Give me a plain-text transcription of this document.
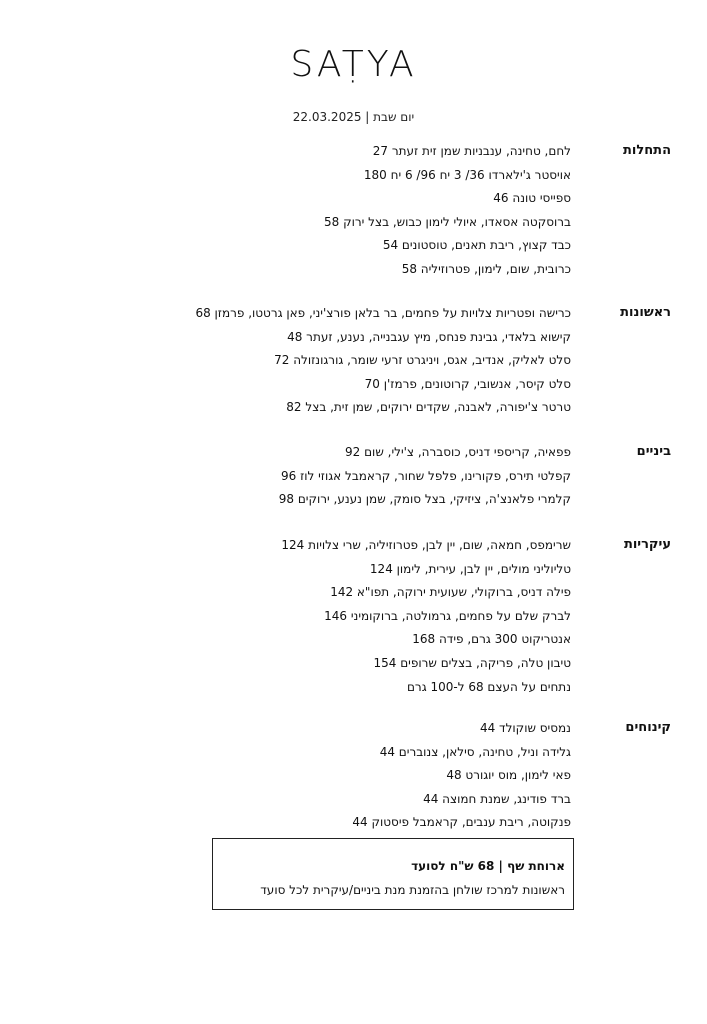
SAṬYA
יום שבת | 22.03.2025
התחלות
לחם, טחינה, ענבניות שמן זית זעתר 27
אויסטר ג'ילארדו 36/ 3 יח 96/ 6 יח 180
ספייסי טונה 46
ברוסקטה אסאדו, איולי לימון כבוש, בצל ירוק 58
כבד קצוץ, ריבת תאנים, טוסטונים 54
כרובית, שום, לימון, פטרוזיליה 58
ראשונות
כרישה ופטריות צלויות על פחמים, בר בלאן פורצ'יני, פאן גרטטו, פרמזן 68
קישוא בלאדי, גבינת פנחס, מיץ עגבנייה, נענע, זעתר 48
סלט לאליק, אנדיב, אגס, ויניגרט זרעי שומר, גורגונזולה 72
סלט קיסר, אנשובי, קרוטונים, פרמז'ן 70
טרטר צ'יפורה, לאבנה, שקדים ירוקים, שמן זית, בצל 82
ביניים
פפאיה, קריספי דניס, כוסברה, צ'ילי, שום 92
קפלטי תירס, פקורינו, פלפל שחור, קראמבל אגוזי לוז 96
קלמרי פלאנצ'ה, ציזיקי, בצל סומק, שמן נענע, ירוקים 98
עיקריות
שרימפס, חמאה, שום, יין לבן, פטרוזיליה, שרי צלויות 124
טליוליני מולים, יין לבן, עירית, לימון 124
פילה דניס, ברוקולי, שעועית ירוקה, תפו"א 142
לברק שלם על פחמים, גרמולטה, ברוקומיני 146
אנטריקוט 300 גרם, פידה 168
טיבון טלה, פריקה, בצלים שרופים 154
נתחים על העצם 68 ל-100 גרם
קינוחים
נמסיס שוקולד 44
גלידה וניל, טחינה, סילאן, צנוברים 44
פאי לימון, מוס יוגורט 48
ברד פודינג, שמנת חמוצה 44
פנקוטה, ריבת ענבים, קראמבל פיסטוק 44
ארוחת שף | 68 ש"ח לסועד
ראשונות למרכז שולחן בהזמנת מנת ביניים/עיקרית לכל סועד
